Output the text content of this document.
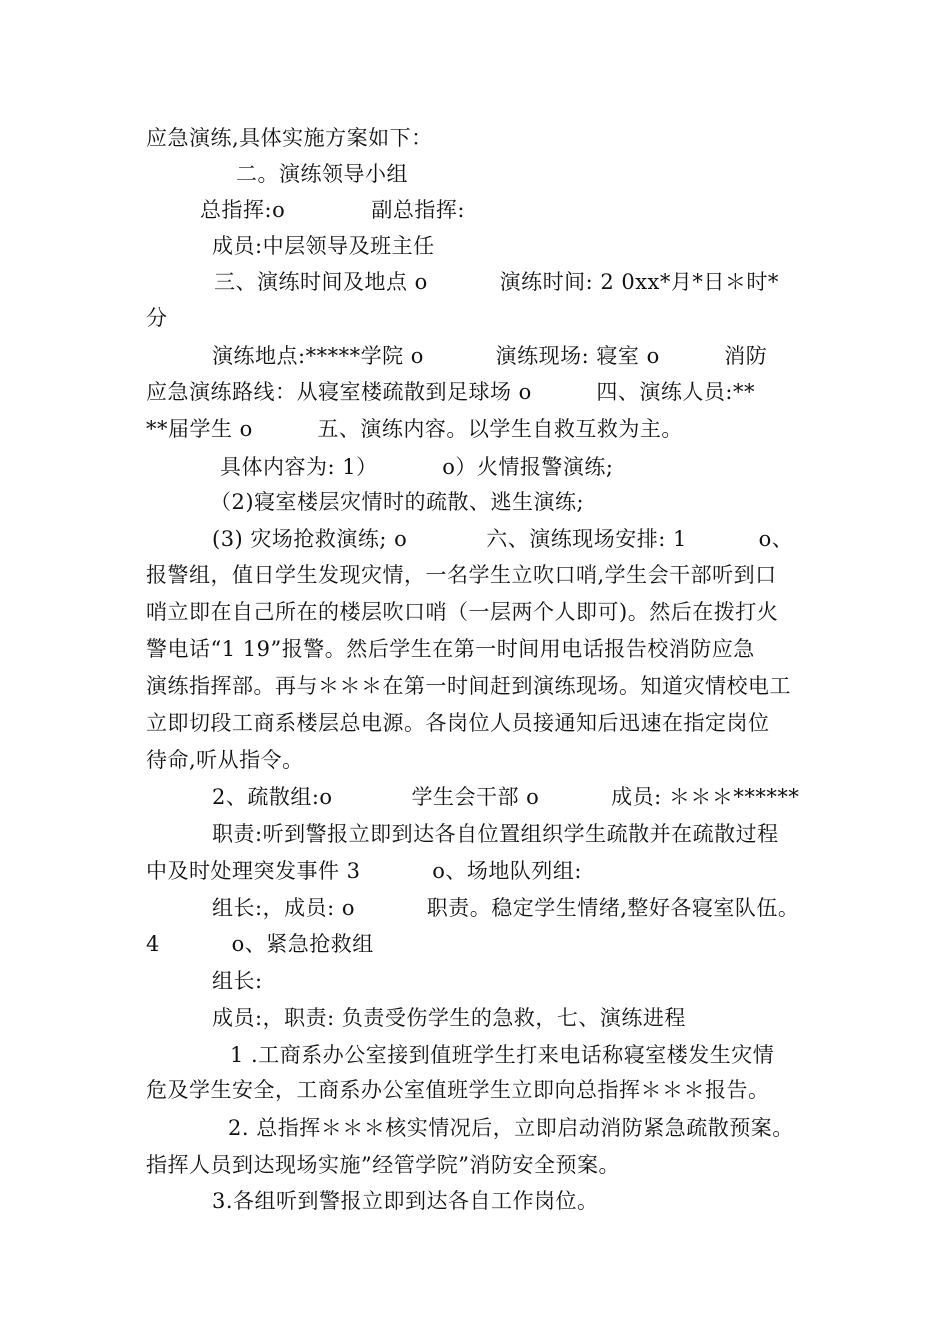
应急演练,具体实施方案如下：
二。演练领导小组
总指挥:ο            副总指挥:
成员:中层领导及班主任
三、演练时间及地点 ο          演练时间: 2 0xx*月*日＊时*
分
演练地点:*****学院 ο          演练现场: 寝室 ο         消防
应急演练路线：从寝室楼疏散到足球场 ο         四、演练人员:**
**届学生 ο         五、演练内容。以学生自救互救为主。
具体内容为: 1）         ο）火情报警演练;
（2)寝室楼层灾情时的疏散、逃生演练;
(3) 灾场抢救演练; ο           六、演练现场安排: 1          ο、
报警组，值日学生发现灾情，一名学生立吹口哨,学生会干部听到口
哨立即在自己所在的楼层吹口哨（一层两个人即可)。然后在拨打火
警电话“1 19”报警。然后学生在第一时间用电话报告校消防应急
演练指挥部。再与＊＊＊在第一时间赶到演练现场。知道灾情校电工
立即切段工商系楼层总电源。各岗位人员接通知后迅速在指定岗位
待命,听从指令。
2、疏散组:ο           学生会干部 ο          成员: ＊＊＊******
职责:听到警报立即到达各自位置组织学生疏散并在疏散过程
中及时处理突发事件 3          ο、场地队列组:
组长:，成员: ο          职责。稳定学生情绪,整好各寝室队伍。
4          ο、紧急抢救组
组长:
成员:，职责: 负责受伤学生的急救，七、演练进程
1 .工商系办公室接到值班学生打来电话称寝室楼发生灾情
危及学生安全，工商系办公室值班学生立即向总指挥＊＊＊报告。
2. 总指挥＊＊＊核实情况后，立即启动消防紧急疏散预案。
指挥人员到达现场实施”经管学院”消防安全预案。
3.各组听到警报立即到达各自工作岗位。
